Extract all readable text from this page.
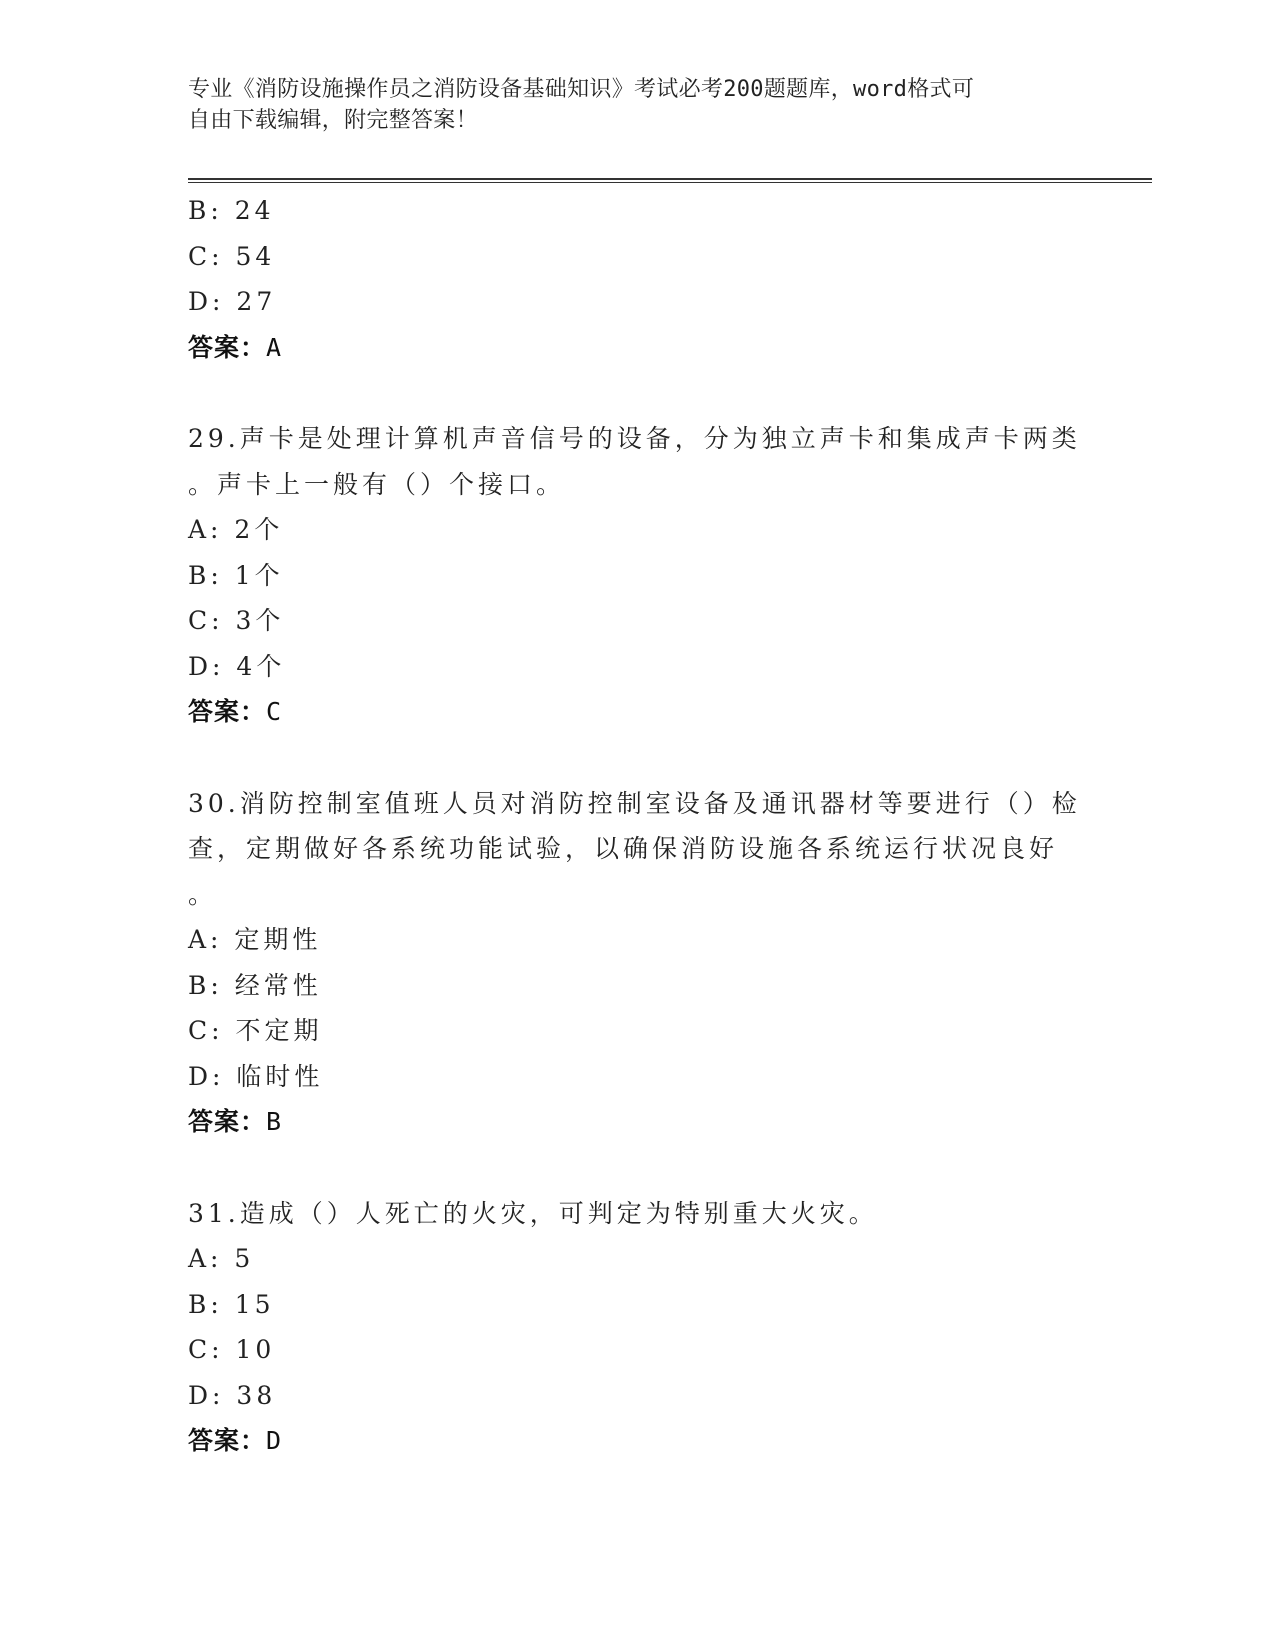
专业《消防设施操作员之消防设备基础知识》考试必考200题题库，word格式可
自由下载编辑，附完整答案！
B: 24
C: 54
D: 27
答案：A
29.声卡是处理计算机声音信号的设备，分为独立声卡和集成声卡两类
。声卡上一般有（）个接口。
A: 2个
B: 1个
C: 3个
D: 4个
答案：C
30.消防控制室值班人员对消防控制室设备及通讯器材等要进行（）检
查，定期做好各系统功能试验，以确保消防设施各系统运行状况良好
。
A: 定期性
B: 经常性
C: 不定期
D: 临时性
答案：B
31.造成（）人死亡的火灾，可判定为特别重大火灾。
A: 5
B: 15
C: 10
D: 38
答案：D
